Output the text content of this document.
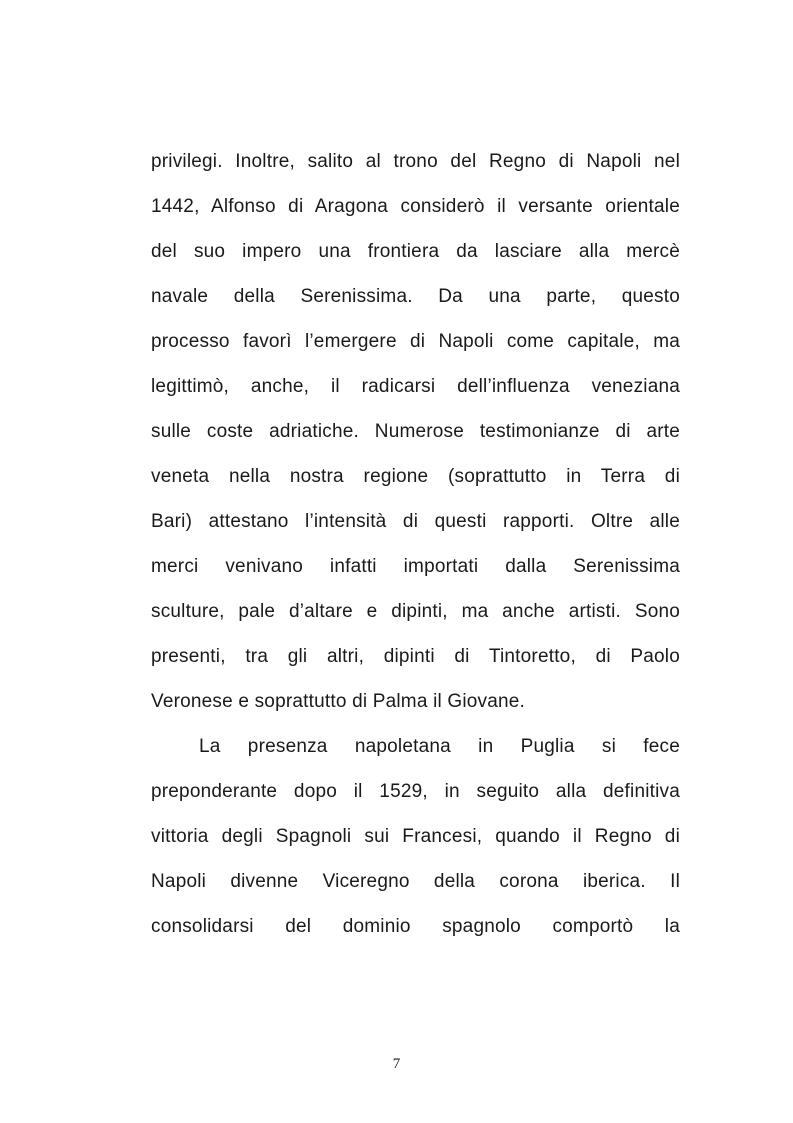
privilegi. Inoltre, salito al trono del Regno di Napoli nel
1442, Alfonso di Aragona considerò il versante orientale
del suo impero una frontiera da lasciare alla mercè
navale della Serenissima. Da una parte, questo
processo favorì l’emergere di Napoli come capitale, ma
legittimò, anche, il radicarsi dell’influenza veneziana
sulle coste adriatiche. Numerose testimonianze di arte
veneta nella nostra regione (soprattutto in Terra di
Bari) attestano l’intensità di questi rapporti. Oltre alle
merci venivano infatti importati dalla Serenissima
sculture, pale d’altare e dipinti, ma anche artisti. Sono
presenti, tra gli altri, dipinti di Tintoretto, di Paolo
Veronese e soprattutto di Palma il Giovane.
La presenza napoletana in Puglia si fece
preponderante dopo il 1529, in seguito alla definitiva
vittoria degli Spagnoli sui Francesi, quando il Regno di
Napoli divenne Viceregno della corona iberica. Il
consolidarsi del dominio spagnolo comportò la
7
